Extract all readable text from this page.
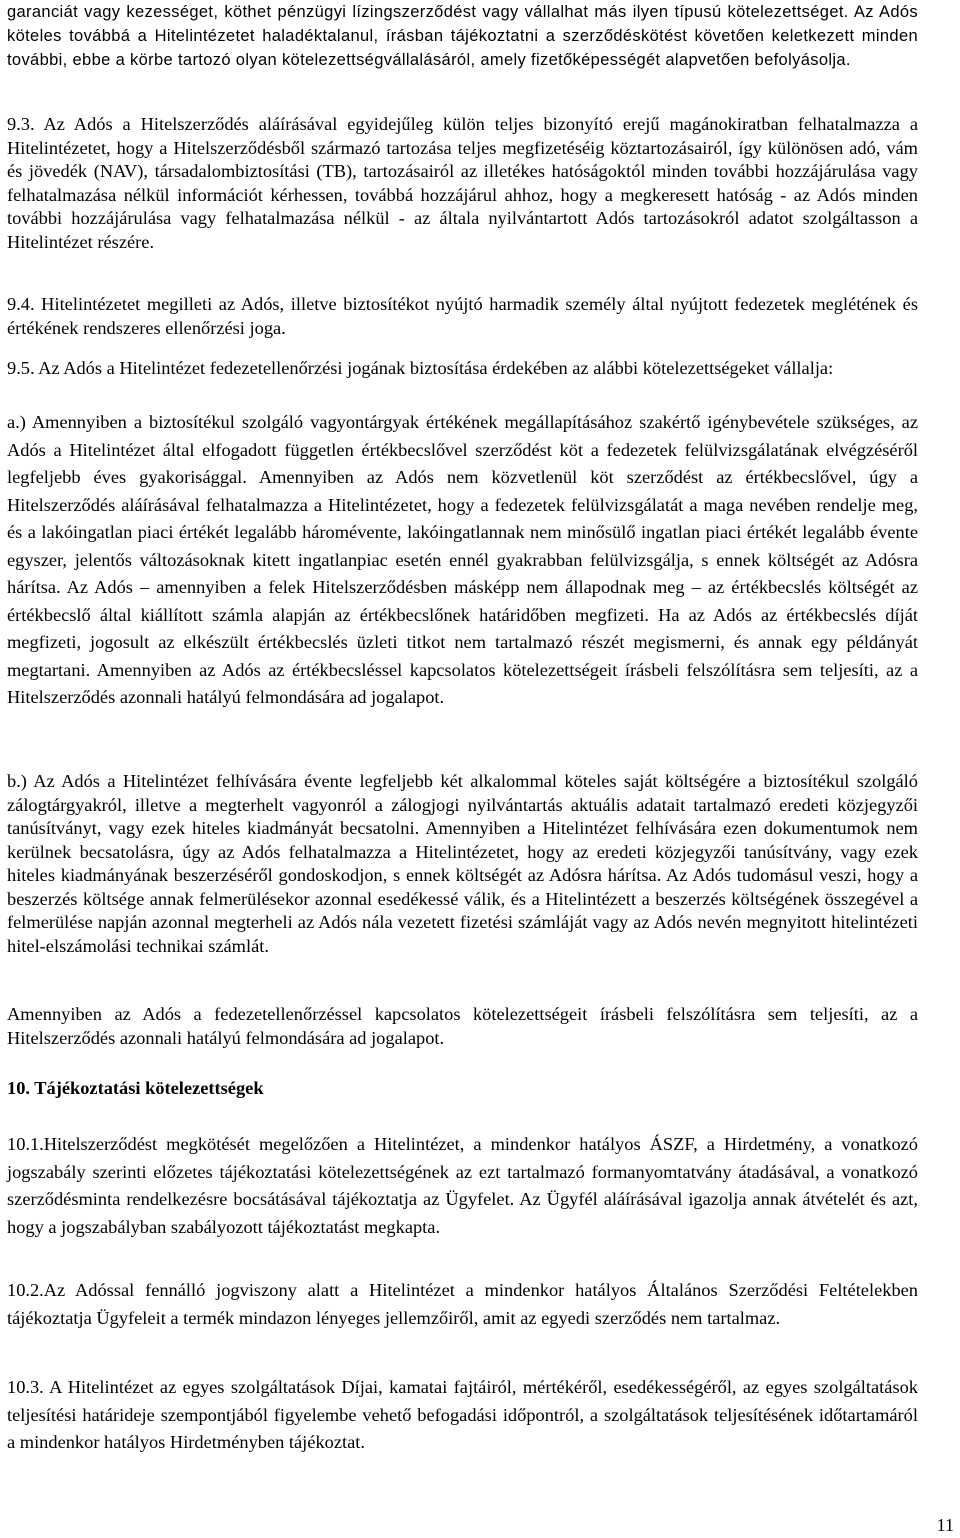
garanciát vagy kezességet, köthet pénzügyi lízingszerződést vagy vállalhat más ilyen típusú kötelezettséget. Az Adós köteles továbbá a Hitelintézetet haladéktalanul, írásban tájékoztatni a szerződéskötést követően keletkezett minden további, ebbe a körbe tartozó olyan kötelezettségvállalásáról, amely fizetőképességét alapvetően befolyásolja.

9.3. Az Adós a Hitelszerződés aláírásával egyidejűleg külön teljes bizonyító erejű magánokiratban felhatalmazza a Hitelintézetet, hogy a Hitelszerződésből származó tartozása teljes megfizetéséig köztartozásairól, így különösen adó, vám és jövedék (NAV), társadalombiztosítási (TB), tartozásairól az illetékes hatóságoktól minden további hozzájárulása vagy felhatalmazása nélkül információt kérhessen, továbbá hozzájárul ahhoz, hogy a megkeresett hatóság - az Adós minden további hozzájárulása vagy felhatalmazása nélkül - az általa nyilvántartott Adós tartozásokról adatot szolgáltasson a Hitelintézet részére.

9.4. Hitelintézetet megilleti az Adós, illetve biztosítékot nyújtó harmadik személy által nyújtott fedezetek meglétének és értékének rendszeres ellenőrzési joga.

9.5. Az Adós a Hitelintézet fedezetellenőrzési jogának biztosítása érdekében az alábbi kötelezettségeket vállalja:

a.) Amennyiben a biztosítékul szolgáló vagyontárgyak értékének megállapításához szakértő igénybevétele szükséges, az Adós a Hitelintézet által elfogadott független értékbecslővel szerződést köt a fedezetek felülvizsgálatának elvégzéséről legfeljebb éves gyakorisággal. Amennyiben az Adós nem közvetlenül köt szerződést az értékbecslővel, úgy a Hitelszerződés aláírásával felhatalmazza a Hitelintézetet, hogy a fedezetek felülvizsgálatát a maga nevében rendelje meg, és a lakóingatlan piaci értékét legalább háromévente, lakóingatlannak nem minősülő ingatlan piaci értékét legalább évente egyszer, jelentős változásoknak kitett ingatlanpiac esetén ennél gyakrabban felülvizsgálja, s ennek költségét az Adósra hárítsa. Az Adós – amennyiben a felek Hitelszerződésben másképp nem állapodnak meg – az értékbecslés költségét az értékbecslő által kiállított számla alapján az értékbecslőnek határidőben megfizeti. Ha az Adós az értékbecslés díját megfizeti, jogosult az elkészült értékbecslés üzleti titkot nem tartalmazó részét megismerni, és annak egy példányát megtartani. Amennyiben az Adós az értékbecsléssel kapcsolatos kötelezettségeit írásbeli felszólításra sem teljesíti, az a Hitelszerződés azonnali hatályú felmondására ad jogalapot.

b.) Az Adós a Hitelintézet felhívására évente legfeljebb két alkalommal köteles saját költségére a biztosítékul szolgáló zálogtárgyakról, illetve a megterhelt vagyonról a zálogjogi nyilvántartás aktuális adatait tartalmazó eredeti közjegyzői tanúsítványt, vagy ezek hiteles kiadmányát becsatolni. Amennyiben a Hitelintézet felhívására ezen dokumentumok nem kerülnek becsatolásra, úgy az Adós felhatalmazza a Hitelintézetet, hogy az eredeti közjegyzői tanúsítvány, vagy ezek hiteles kiadmányának beszerzéséről gondoskodjon, s ennek költségét az Adósra hárítsa. Az Adós tudomásul veszi, hogy a beszerzés költsége annak felmerülésekor azonnal esedékessé válik, és a Hitelintézett a beszerzés költségének összegével a felmerülése napján azonnal megterheli az Adós nála vezetett fizetési számláját vagy az Adós nevén megnyitott hitelintézeti hitel-elszámolási technikai számlát.

Amennyiben az Adós a fedezetellenőrzéssel kapcsolatos kötelezettségeit írásbeli felszólításra sem teljesíti, az a Hitelszerződés azonnali hatályú felmondására ad jogalapot.

10. Tájékoztatási kötelezettségek

10.1.Hitelszerződést megkötését megelőzően a Hitelintézet, a mindenkor hatályos ÁSZF, a Hirdetmény, a vonatkozó jogszabály szerinti előzetes tájékoztatási kötelezettségének az ezt tartalmazó formanyomtatvány átadásával, a vonatkozó szerződésminta rendelkezésre bocsátásával tájékoztatja az Ügyfelet. Az Ügyfél aláírásával igazolja annak átvételét és azt, hogy a jogszabályban szabályozott tájékoztatást megkapta.

10.2.Az Adóssal fennálló jogviszony alatt a Hitelintézet a mindenkor hatályos Általános Szerződési Feltételekben tájékoztatja Ügyfeleit a termék mindazon lényeges jellemzőiről, amit az egyedi szerződés nem tartalmaz.

10.3. A Hitelintézet az egyes szolgáltatások Díjai, kamatai fajtáiról, mértékéről, esedékességéről, az egyes szolgáltatások teljesítési határideje szempontjából figyelembe vehető befogadási időpontról, a szolgáltatások teljesítésének időtartamáról a mindenkor hatályos Hirdetményben tájékoztat.

11
